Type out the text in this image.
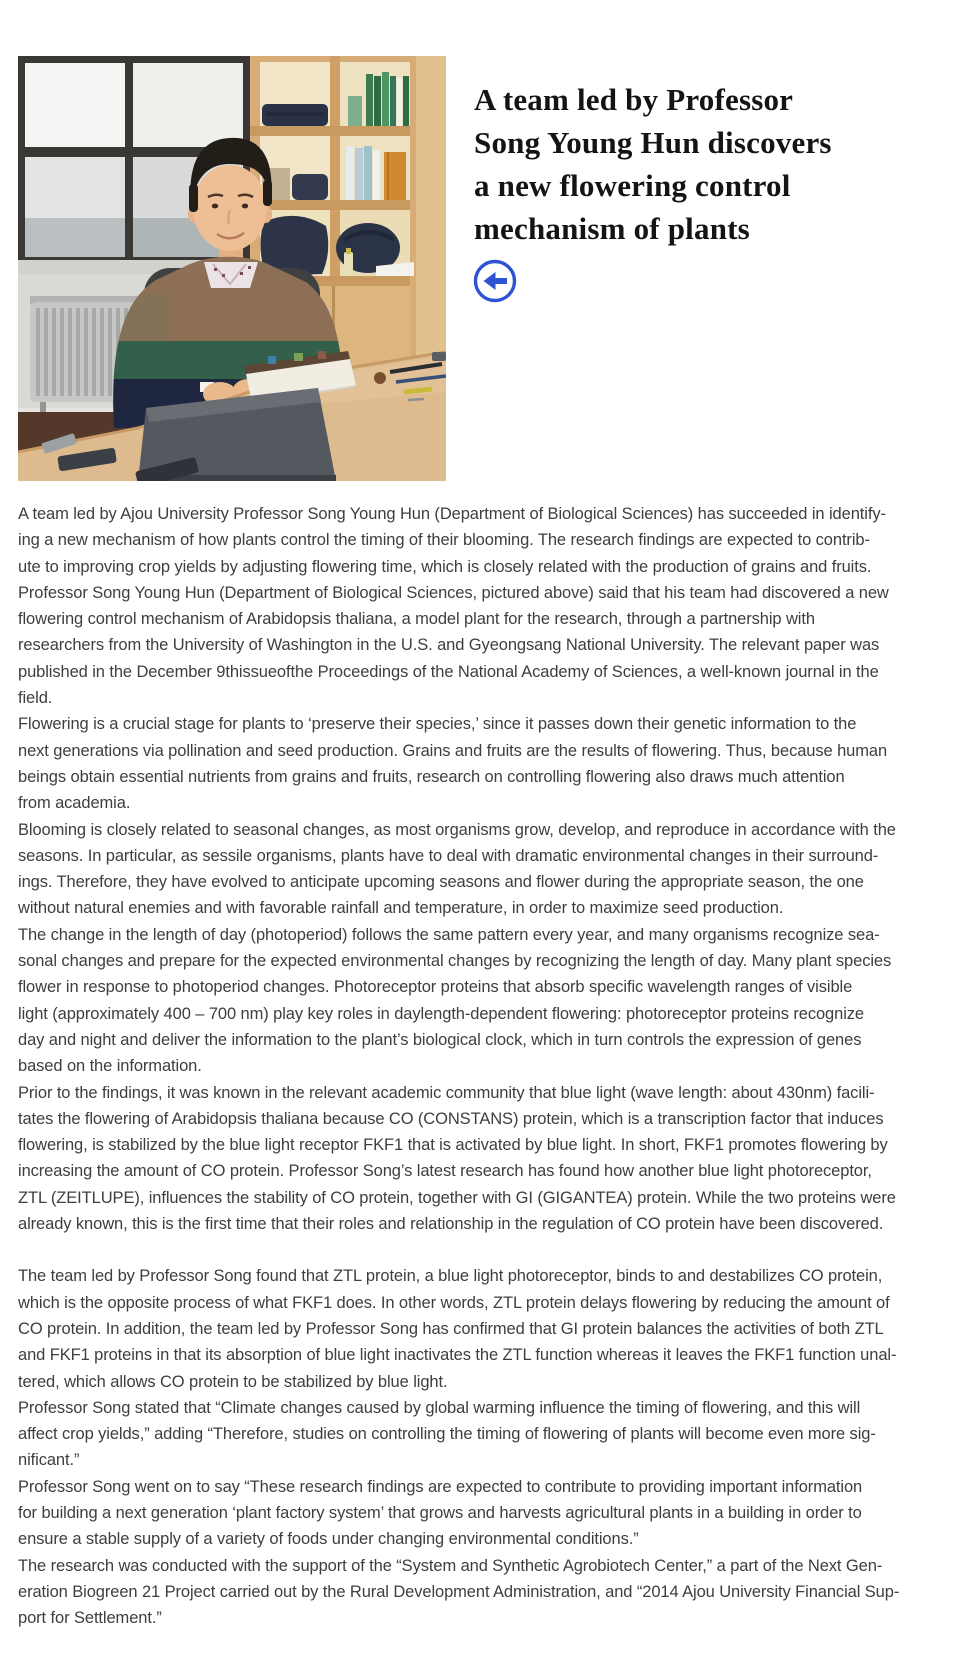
A team led by Professor
Song Young Hun discovers
a new flowering control
mechanism of plants
A team led by Ajou University Professor Song Young Hun (Department of Biological Sciences) has succeeded in identify-
ing a new mechanism of how plants control the timing of their blooming. The research findings are expected to contrib-
ute to improving crop yields by adjusting flowering time, which is closely related with the production of grains and fruits.
Professor Song Young Hun (Department of Biological Sciences, pictured above) said that his team had discovered a new
flowering control mechanism of Arabidopsis thaliana, a model plant for the research, through a partnership with
researchers from the University of Washington in the U.S. and Gyeongsang National University. The relevant paper was
published in the December 9thissueofthe Proceedings of the National Academy of Sciences, a well-known journal in the
field.
Flowering is a crucial stage for plants to ‘preserve their species,’ since it passes down their genetic information to the
next generations via pollination and seed production. Grains and fruits are the results of flowering. Thus, because human
beings obtain essential nutrients from grains and fruits, research on controlling flowering also draws much attention
from academia.
Blooming is closely related to seasonal changes, as most organisms grow, develop, and reproduce in accordance with the
seasons. In particular, as sessile organisms, plants have to deal with dramatic environmental changes in their surround-
ings. Therefore, they have evolved to anticipate upcoming seasons and flower during the appropriate season, the one
without natural enemies and with favorable rainfall and temperature, in order to maximize seed production.
The change in the length of day (photoperiod) follows the same pattern every year, and many organisms recognize sea-
sonal changes and prepare for the expected environmental changes by recognizing the length of day. Many plant species
flower in response to photoperiod changes. Photoreceptor proteins that absorb specific wavelength ranges of visible
light (approximately 400 – 700 nm) play key roles in daylength-dependent flowering: photoreceptor proteins recognize
day and night and deliver the information to the plant’s biological clock, which in turn controls the expression of genes
based on the information.
Prior to the findings, it was known in the relevant academic community that blue light (wave length: about 430nm) facili-
tates the flowering of Arabidopsis thaliana because CO (CONSTANS) protein, which is a transcription factor that induces
flowering, is stabilized by the blue light receptor FKF1 that is activated by blue light. In short, FKF1 promotes flowering by
increasing the amount of CO protein. Professor Song’s latest research has found how another blue light photoreceptor,
ZTL (ZEITLUPE), influences the stability of CO protein, together with GI (GIGANTEA) protein. While the two proteins were
already known, this is the first time that their roles and relationship in the regulation of CO protein have been discovered.
The team led by Professor Song found that ZTL protein, a blue light photoreceptor, binds to and destabilizes CO protein,
which is the opposite process of what FKF1 does. In other words, ZTL protein delays flowering by reducing the amount of
CO protein. In addition, the team led by Professor Song has confirmed that GI protein balances the activities of both ZTL
and FKF1 proteins in that its absorption of blue light inactivates the ZTL function whereas it leaves the FKF1 function unal-
tered, which allows CO protein to be stabilized by blue light.
Professor Song stated that “Climate changes caused by global warming influence the timing of flowering, and this will
affect crop yields,” adding “Therefore, studies on controlling the timing of flowering of plants will become even more sig-
nificant.”
Professor Song went on to say “These research findings are expected to contribute to providing important information
for building a next generation ‘plant factory system’ that grows and harvests agricultural plants in a building in order to
ensure a stable supply of a variety of foods under changing environmental conditions.”
The research was conducted with the support of the “System and Synthetic Agrobiotech Center,” a part of the Next Gen-
eration Biogreen 21 Project carried out by the Rural Development Administration, and “2014 Ajou University Financial Sup-
port for Settlement.”
